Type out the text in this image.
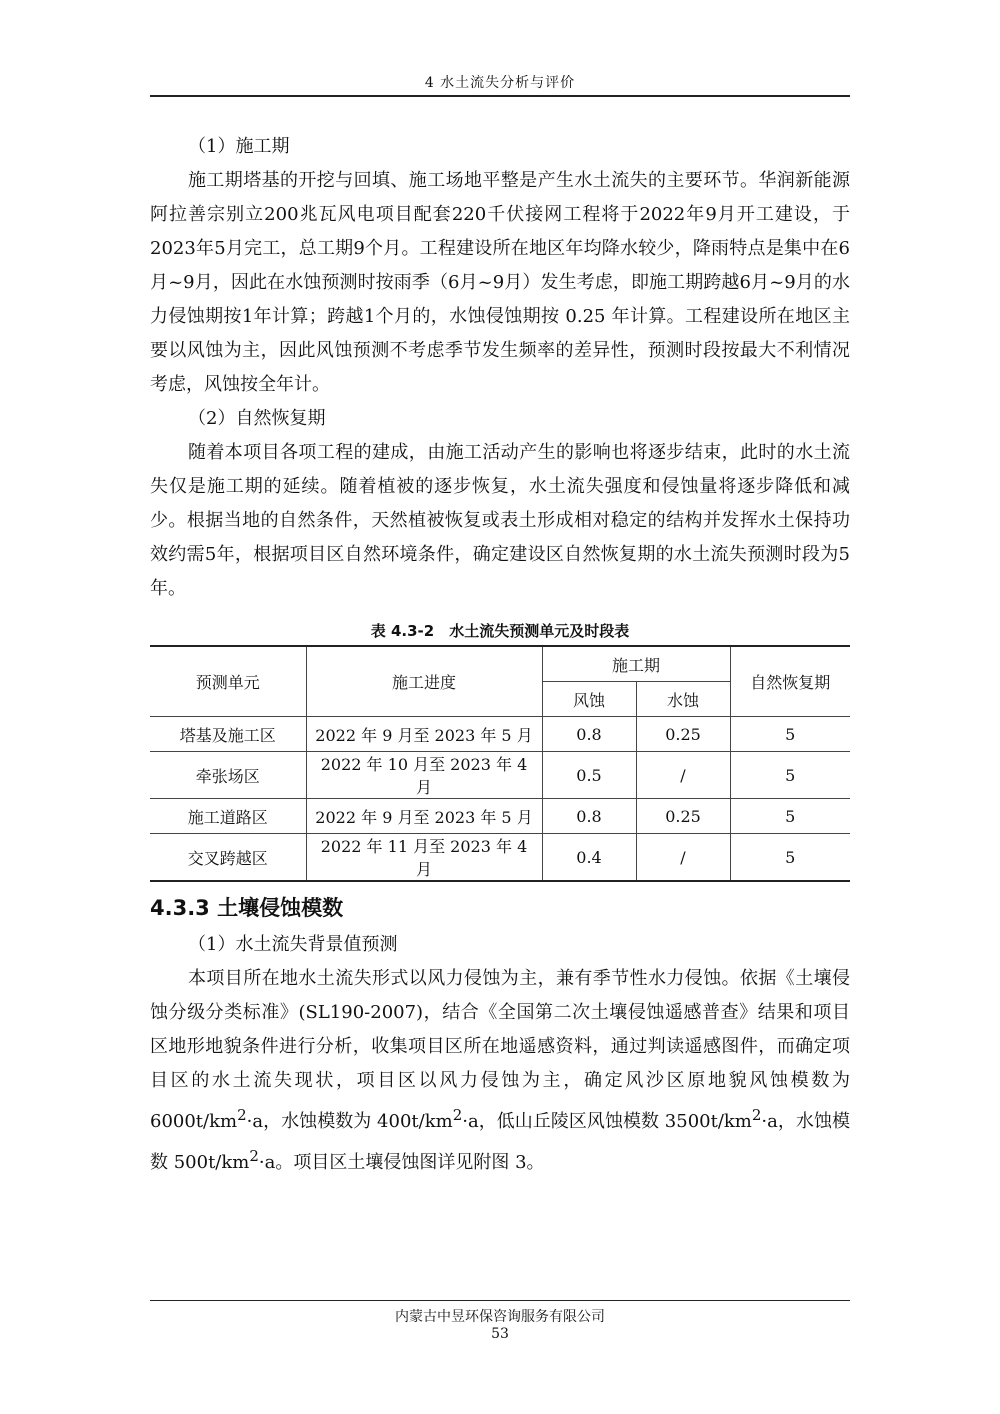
4 水土流失分析与评价

（1）施工期

施工期塔基的开挖与回填、施工场地平整是产生水土流失的主要环节。华润新能源阿拉善宗别立200兆瓦风电项目配套220千伏接网工程将于2022年9月开工建设，于2023年5月完工，总工期9个月。工程建设所在地区年均降水较少，降雨特点是集中在6月~9月，因此在水蚀预测时按雨季（6月~9月）发生考虑，即施工期跨越6月~9月的水力侵蚀期按1年计算；跨越1个月的，水蚀侵蚀期按 0.25 年计算。工程建设所在地区主要以风蚀为主，因此风蚀预测不考虑季节发生频率的差异性，预测时段按最大不利情况考虑，风蚀按全年计。

（2）自然恢复期

随着本项目各项工程的建成，由施工活动产生的影响也将逐步结束，此时的水土流失仅是施工期的延续。随着植被的逐步恢复，水土流失强度和侵蚀量将逐步降低和减少。根据当地的自然条件，天然植被恢复或表土形成相对稳定的结构并发挥水土保持功效约需5年，根据项目区自然环境条件，确定建设区自然恢复期的水土流失预测时段为5年。

表 4.3-2　水土流失预测单元及时段表
预测单元	施工进度	施工期		自然恢复期
		风蚀	水蚀	
塔基及施工区	2022 年 9 月至 2023 年 5 月	0.8	0.25	5
牵张场区	2022 年 10 月至 2023 年 4 月	0.5	/	5
施工道路区	2022 年 9 月至 2023 年 5 月	0.8	0.25	5
交叉跨越区	2022 年 11 月至 2023 年 4 月	0.4	/	5
4.3.3 土壤侵蚀模数

（1）水土流失背景值预测

本项目所在地水土流失形式以风力侵蚀为主，兼有季节性水力侵蚀。依据《土壤侵蚀分级分类标准》(SL190-2007)，结合《全国第二次土壤侵蚀遥感普查》结果和项目区地形地貌条件进行分析，收集项目区所在地遥感资料，通过判读遥感图件，而确定项目区的水土流失现状，项目区以风力侵蚀为主，确定风沙区原地貌风蚀模数为 $6000t/km^2\cdot a$，水蚀模数为 $400t/km^2\cdot a$，低山丘陵区风蚀模数 $3500t/km^2\cdot a$，水蚀模数 $500t/km^2\cdot a$。项目区土壤侵蚀图详见附图 3。

内蒙古中昱环保咨询服务有限公司
53
